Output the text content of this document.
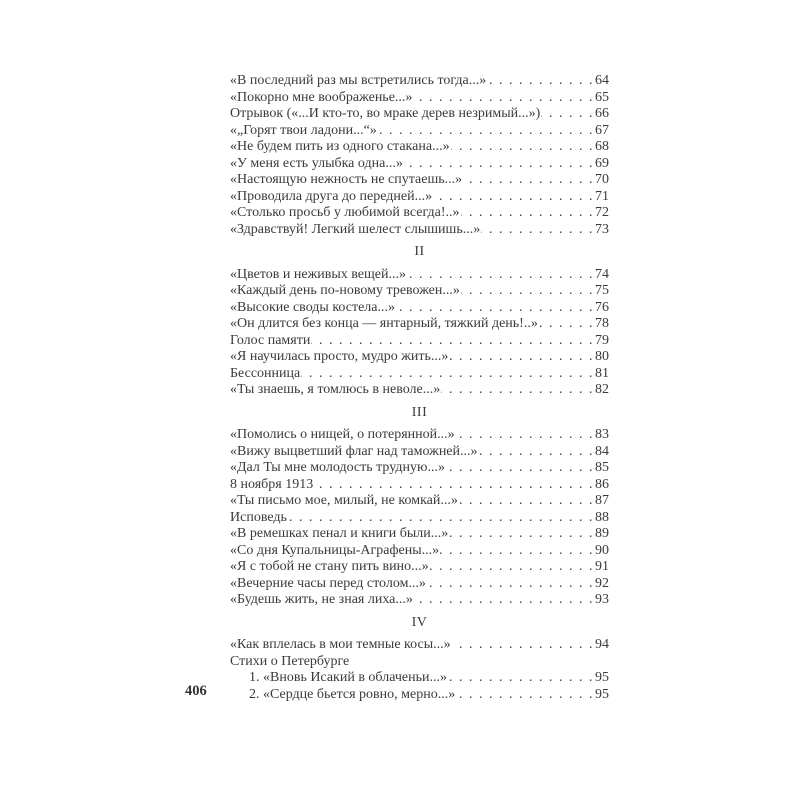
«В последний раз мы встретились тогда...» . . .	64
«Покорно мне воображенье...» . . .	65
Отрывок («...И кто-то, во мраке дерев незримый...») . . .	66
«„Горят твои ладони...“» . . .	67
«Не будем пить из одного стакана...» . . .	68
«У меня есть улыбка одна...» . . .	69
«Настоящую нежность не спутаешь...» . . .	70
«Проводила друга до передней...» . . .	71
«Столько просьб у любимой всегда!..» . . .	72
«Здравствуй! Легкий шелест слышишь...» . . .	73
II
«Цветов и неживых вещей...» . . .	74
«Каждый день по-новому тревожен...» . . .	75
«Высокие своды костела...» . . .	76
«Он длится без конца — янтарный, тяжкий день!..» . . .	78
Голос памяти . . .	79
«Я научилась просто, мудро жить...» . . .	80
Бессонница . . .	81
«Ты знаешь, я томлюсь в неволе...» . . .	82
III
«Помолись о нищей, о потерянной...» . . .	83
«Вижу выцветший флаг над таможней...» . . .	84
«Дал Ты мне молодость трудную...» . . .	85
8 ноября 1913 . . .	86
«Ты письмо мое, милый, не комкай...» . . .	87
Исповедь . . .	88
«В ремешках пенал и книги были...» . . .	89
«Со дня Купальницы-Аграфены...» . . .	90
«Я с тобой не стану пить вино...» . . .	91
«Вечерние часы перед столом...» . . .	92
«Будешь жить, не зная лиха...» . . .	93
IV
«Как вплелась в мои темные косы...» . . .	94
Стихи о Петербурге
1. «Вновь Исакий в облаченьи...» . . .	95
2. «Сердце бьется ровно, мерно...» . . .	95
406
